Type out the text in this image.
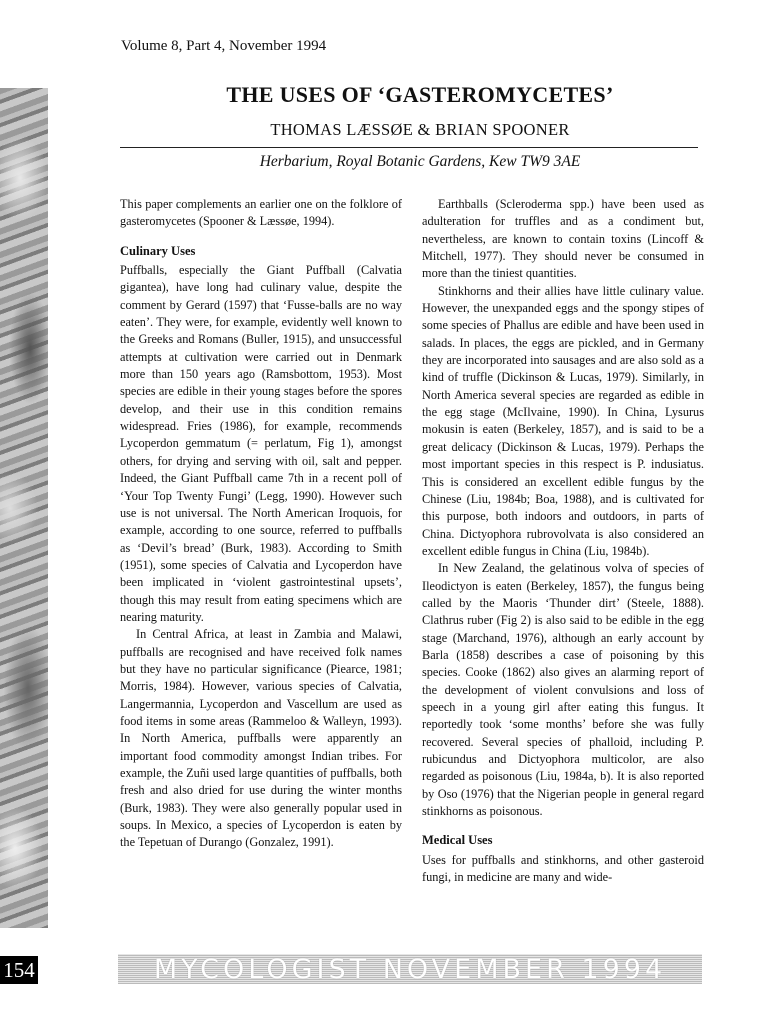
Volume 8, Part 4, November 1994
THE USES OF ‘GASTEROMYCETES’
THOMAS LÆSSØE & BRIAN SPOONER
Herbarium, Royal Botanic Gardens, Kew TW9 3AE

This paper complements an earlier one on the folklore of gasteromycetes (Spooner & Læssøe, 1994).

Culinary Uses

Puffballs, especially the Giant Puffball (Calvatia gigantea), have long had culinary value, despite the comment by Gerard (1597) that ‘Fusse-balls are no way eaten’. They were, for example, evidently well known to the Greeks and Romans (Buller, 1915), and unsuccessful attempts at cultivation were carried out in Denmark more than 150 years ago (Ramsbottom, 1953). Most species are edible in their young stages before the spores develop, and their use in this condition remains widespread. Fries (1986), for example, recommends Lycoperdon gemmatum (= perlatum, Fig 1), amongst others, for drying and serving with oil, salt and pepper. Indeed, the Giant Puffball came 7th in a recent poll of ‘Your Top Twenty Fungi’ (Legg, 1990). However such use is not universal. The North American Iroquois, for example, according to one source, referred to puffballs as ‘Devil’s bread’ (Burk, 1983). According to Smith (1951), some species of Calvatia and Lycoperdon have been implicated in ‘violent gastrointestinal upsets’, though this may result from eating specimens which are nearing maturity.

In Central Africa, at least in Zambia and Malawi, puffballs are recognised and have received folk names but they have no particular significance (Piearce, 1981; Morris, 1984). However, various species of Calvatia, Langermannia, Lycoperdon and Vascellum are used as food items in some areas (Rammeloo & Walleyn, 1993). In North America, puffballs were apparently an important food commodity amongst Indian tribes. For example, the Zuñi used large quantities of puffballs, both fresh and also dried for use during the winter months (Burk, 1983). They were also generally popular used in soups. In Mexico, a species of Lycoperdon is eaten by the Tepetuan of Durango (Gonzalez, 1991).

Earthballs (Scleroderma spp.) have been used as adulteration for truffles and as a condiment but, nevertheless, are known to contain toxins (Lincoff & Mitchell, 1977). They should never be consumed in more than the tiniest quantities.

Stinkhorns and their allies have little culinary value. However, the unexpanded eggs and the spongy stipes of some species of Phallus are edible and have been used in salads. In places, the eggs are pickled, and in Germany they are incorporated into sausages and are also sold as a kind of truffle (Dickinson & Lucas, 1979). Similarly, in North America several species are regarded as edible in the egg stage (McIlvaine, 1990). In China, Lysurus mokusin is eaten (Berkeley, 1857), and is said to be a great delicacy (Dickinson & Lucas, 1979). Perhaps the most important species in this respect is P. indusiatus. This is considered an excellent edible fungus by the Chinese (Liu, 1984b; Boa, 1988), and is cultivated for this purpose, both indoors and outdoors, in parts of China. Dictyophora rubrovolvata is also considered an excellent edible fungus in China (Liu, 1984b).

In New Zealand, the gelatinous volva of species of Ileodictyon is eaten (Berkeley, 1857), the fungus being called by the Maoris ‘Thunder dirt’ (Steele, 1888). Clathrus ruber (Fig 2) is also said to be edible in the egg stage (Marchand, 1976), although an early account by Barla (1858) describes a case of poisoning by this species. Cooke (1862) also gives an alarming report of the development of violent convulsions and loss of speech in a young girl after eating this fungus. It reportedly took ‘some months’ before she was fully recovered. Several species of phalloid, including P. rubicundus and Dictyophora multicolor, are also regarded as poisonous (Liu, 1984a, b). It is also reported by Oso (1976) that the Nigerian people in general regard stinkhorns as poisonous.

Medical Uses

Uses for puffballs and stinkhorns, and other gasteroid fungi, in medicine are many and wide-

154	MYCOLOGIST NOVEMBER 1994
